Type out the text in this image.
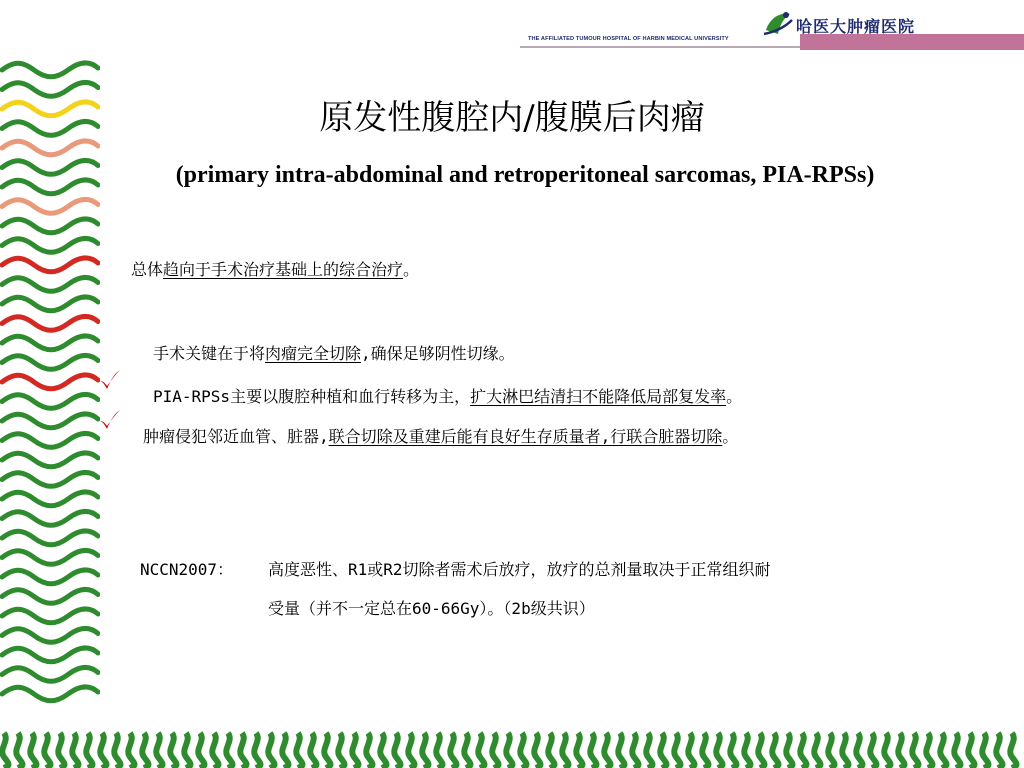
THE AFFILIATED TUMOUR HOSPITAL OF HARBIN MEDICAL UNIVERSITY
哈医大肿瘤医院
原发性腹腔内/腹膜后肉瘤
(primary intra-abdominal and retroperitoneal sarcomas, PIA-RPSs)
总体趋向于手术治疗基础上的综合治疗。
手术关键在于将肉瘤完全切除,确保足够阴性切缘。
PIA-RPSs主要以腹腔种植和血行转移为主，扩大淋巴结清扫不能降低局部复发率。
肿瘤侵犯邻近血管、脏器,联合切除及重建后能有良好生存质量者,行联合脏器切除。
NCCN2007： 高度恶性、R1或R2切除者需术后放疗，放疗的总剂量取决于正常组织耐
受量（并不一定总在60-66Gy）。（2b级共识）
